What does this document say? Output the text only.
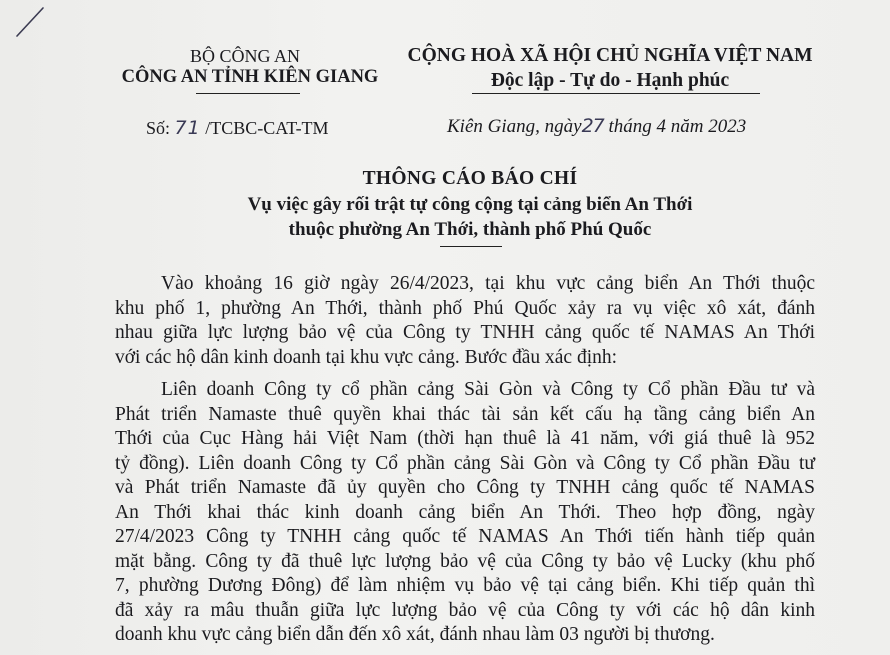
BỘ CÔNG AN
CÔNG AN TỈNH KIÊN GIANG
CỘNG HOÀ XÃ HỘI CHỦ NGHĨA VIỆT NAM
Độc lập - Tự do - Hạnh phúc
Số: 71 /TCBC-CAT-TM	Kiên Giang, ngày27 tháng 4 năm 2023
THÔNG CÁO BÁO CHÍ
Vụ việc gây rối trật tự công cộng tại cảng biển An Thới
thuộc phường An Thới, thành phố Phú Quốc
Vào khoảng 16 giờ ngày 26/4/2023, tại khu vực cảng biển An Thới thuộc
khu phố 1, phường An Thới, thành phố Phú Quốc xảy ra vụ việc xô xát, đánh
nhau giữa lực lượng bảo vệ của Công ty TNHH cảng quốc tế NAMAS An Thới
với các hộ dân kinh doanh tại khu vực cảng. Bước đầu xác định:
Liên doanh Công ty cổ phần cảng Sài Gòn và Công ty Cổ phần Đầu tư và
Phát triển Namaste thuê quyền khai thác tài sản kết cấu hạ tầng cảng biển An
Thới của Cục Hàng hải Việt Nam (thời hạn thuê là 41 năm, với giá thuê là 952
tỷ đồng). Liên doanh Công ty Cổ phần cảng Sài Gòn và Công ty Cổ phần Đầu tư
và Phát triển Namaste đã ủy quyền cho Công ty TNHH cảng quốc tế NAMAS
An Thới khai thác kinh doanh cảng biển An Thới. Theo hợp đồng, ngày
27/4/2023 Công ty TNHH cảng quốc tế NAMAS An Thới tiến hành tiếp quản
mặt bằng. Công ty đã thuê lực lượng bảo vệ của Công ty bảo vệ Lucky (khu phố
7, phường Dương Đông) để làm nhiệm vụ bảo vệ tại cảng biển. Khi tiếp quản thì
đã xảy ra mâu thuẫn giữa lực lượng bảo vệ của Công ty với các hộ dân kinh
doanh khu vực cảng biển dẫn đến xô xát, đánh nhau làm 03 người bị thương.
